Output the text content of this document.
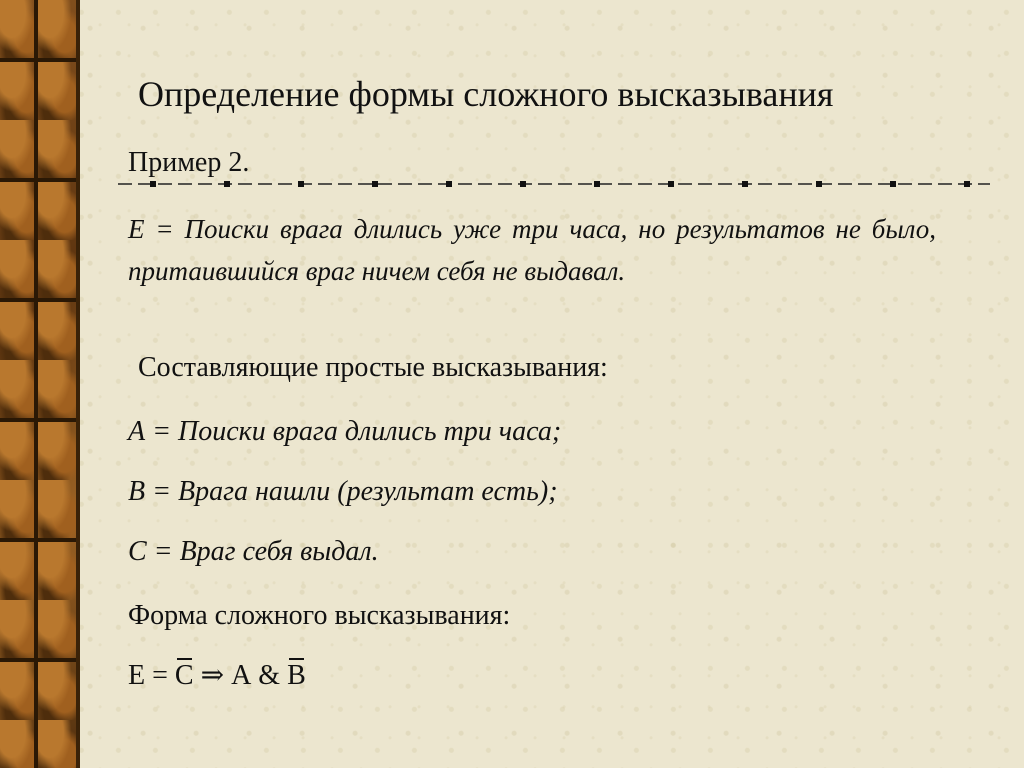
Определение формы сложного высказывания
Пример 2.
Е = Поиски врага длились уже три часа, но результатов не было, притаившийся враг ничем себя не выдавал.
Составляющие простые высказывания:
А = Поиски врага длились три часа;
В = Врага нашли (результат есть);
С = Враг себя выдал.
Форма сложного высказывания:
Е = С ⇒ А & В
